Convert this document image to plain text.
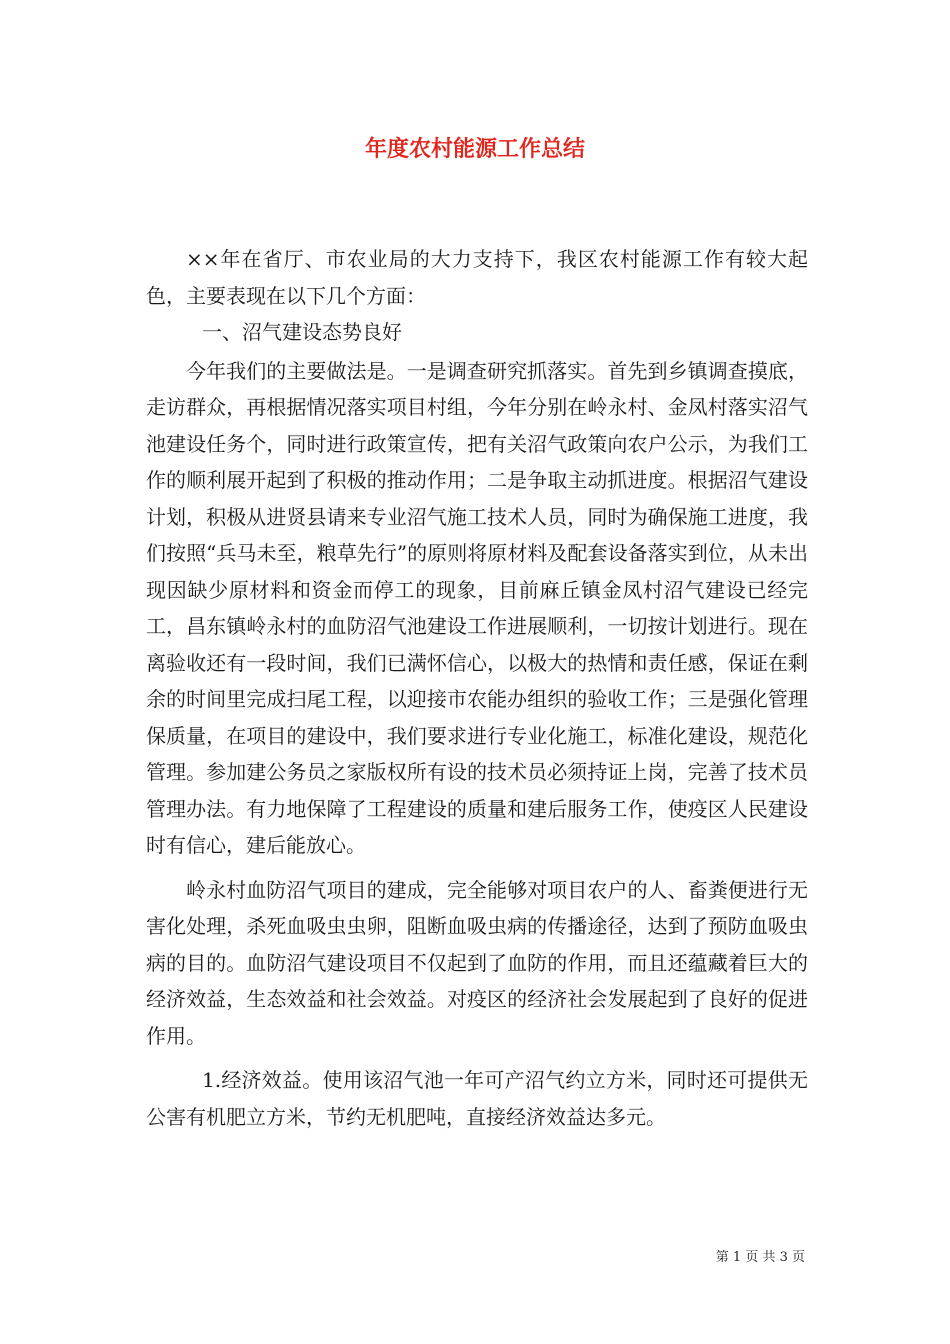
年度农村能源工作总结

××年在省厅、市农业局的大力支持下，我区农村能源工作有较大起色，主要表现在以下几个方面：

一、沼气建设态势良好

今年我们的主要做法是。一是调查研究抓落实。首先到乡镇调查摸底，走访群众，再根据情况落实项目村组，今年分别在岭永村、金凤村落实沼气池建设任务个，同时进行政策宣传，把有关沼气政策向农户公示，为我们工作的顺利展开起到了积极的推动作用；二是争取主动抓进度。根据沼气建设计划，积极从进贤县请来专业沼气施工技术人员，同时为确保施工进度，我们按照“兵马未至，粮草先行”的原则将原材料及配套设备落实到位，从未出现因缺少原材料和资金而停工的现象，目前麻丘镇金凤村沼气建设已经完工，昌东镇岭永村的血防沼气池建设工作进展顺利，一切按计划进行。现在离验收还有一段时间，我们已满怀信心，以极大的热情和责任感，保证在剩余的时间里完成扫尾工程，以迎接市农能办组织的验收工作；三是强化管理保质量，在项目的建设中，我们要求进行专业化施工，标准化建设，规范化管理。参加建公务员之家版权所有设的技术员必须持证上岗，完善了技术员管理办法。有力地保障了工程建设的质量和建后服务工作，使疫区人民建设时有信心，建后能放心。

岭永村血防沼气项目的建成，完全能够对项目农户的人、畜粪便进行无害化处理，杀死血吸虫虫卵，阻断血吸虫病的传播途径，达到了预防血吸虫病的目的。血防沼气建设项目不仅起到了血防的作用，而且还蕴藏着巨大的经济效益，生态效益和社会效益。对疫区的经济社会发展起到了良好的促进作用。

1.经济效益。使用该沼气池一年可产沼气约立方米，同时还可提供无公害有机肥立方米，节约无机肥吨，直接经济效益达多元。

第 1 页 共 3 页
